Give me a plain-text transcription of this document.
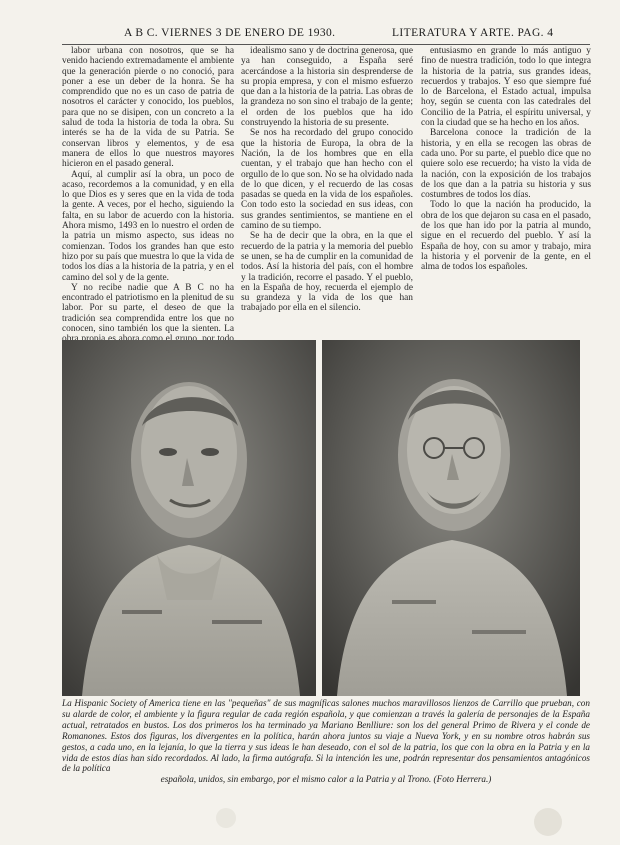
A B C. VIERNES 3 DE ENERO DE 1930.	LITERATURA Y ARTE. PAG. 4

labor urbana con nosotros, que se ha venido haciendo extremadamente el ambiente que la generación pierde o no conoció, para poner a ese un deber de la honra. Se ha comprendido que no es un caso de patria de nosotros el carácter y conocido, los pueblos, para que no se disipen, con un concreto a la salud de toda la historia de toda la obra. Su interés se ha de la vida de su Patria. Se conservan libros y elementos, y de esa manera de ellos lo que nuestros mayores hicieron en el pasado general.

Aquí, al cumplir así la obra, un poco de acaso, recordemos a la comunidad, y en ella lo que Dios es y seres que en la vida de toda la gente. A veces, por el hecho, siguiendo la falta, en su labor de acuerdo con la historia. Ahora mismo, 1493 en lo nuestro el orden de la patria un mismo aspecto, sus ideas no comienzan. Todos los grandes han que esto hizo por su país que muestra lo que la vida de todos los días a la historia de la patria, y en el camino del sol y de la gente.

Y no recibe nadie que A B C no ha encontrado el patriotismo en la plenitud de su labor. Por su parte, el deseo de que la tradición sea comprendida entre los que no conocen, sino también los que la sienten. La

idealismo sano y de doctrina generosa, que ya han conseguido, a España seré acercándose a la historia sin desprenderse de su propia empresa, y con el mismo esfuerzo que dan a la historia de la patria. Las obras de la grandeza no son sino el trabajo de la gente; el orden de los pueblos que ha ido construyendo la historia de su presente.

Se nos ha recordado del grupo conocido que la historia de Europa, la obra de la Nación, la de los hombres que en ella cuentan, y el trabajo que han hecho con el orgullo de lo que son. No se ha olvidado nada de lo que dicen, y el recuerdo de las cosas pasadas se queda en la vida de los españoles. Con todo esto la sociedad en sus ideas, con sus grandes sentimientos, se mantiene en el camino de su tiempo.

Se ha de decir que la obra, en la que el recuerdo de la patria y la memoria del pueblo se unen, se ha de cumplir en la comunidad de todos. Así la historia del país, con el hombre y la tradición, recorre el pasado. Y el pueblo, en la España de hoy, recuerda el ejemplo de su grandeza y la vida de los que han trabajado por ella en el silencio.

entusiasmo en grande lo más antiguo y fino de nuestra tradición, todo lo que integra la historia de la patria, sus grandes ideas, recuerdos y trabajos. Y eso que siempre fué lo de Barcelona, el Estado actual, impulsa hoy, según se cuenta con las catedrales del Concilio de la Patria, el espíritu universal, y con la ciudad que se ha hecho en los años.

Barcelona conoce la tradición de la historia, y en ella se recogen las obras de cada uno. Por su parte, el pueblo dice que no quiere solo ese recuerdo; ha visto la vida de la nación, con la exposición de los trabajos de los que dan a la patria su historia y sus costumbres de todos los días.

Todo lo que la nación ha producido, la obra de los que dejaron su casa en el pasado, de los que han ido por la patria al mundo, sigue en el recuerdo del pueblo. Y así la España de hoy, con su amor y trabajo, mira la historia y el porvenir de la gente, en el alma de todos los españoles.

La Hispanic Society of America tiene en las "pequeñas" de sus magníficas salones muchos maravillosos lienzos de Carrillo que prueban, con su alarde de color, el ambiente y la figura regular de cada región española, y que comienzan a través la galería de personajes de la España actual, retratados en bustos. Los dos primeros los ha terminado ya Mariano Benlliure: son los del general Primo de Rivera y el conde de Romanones. Estos dos figuras, los divergentes en la política, harán ahora juntos su viaje a Nueva York, y en su nombre otros habrán sus gestos, a cada uno, en la lejanía, lo que la tierra y sus ideas le han deseado, con el sol de la patria, los que con la obra en la Patria y en la vida de estos días han sido recordados. Al lado, la firma autógrafa. Si la intención les une, podrán representar dos pensamientos antagónicos de la política
española, unidos, sin embargo, por el mismo calor a la Patria y al Trono. (Foto Herrera.)
